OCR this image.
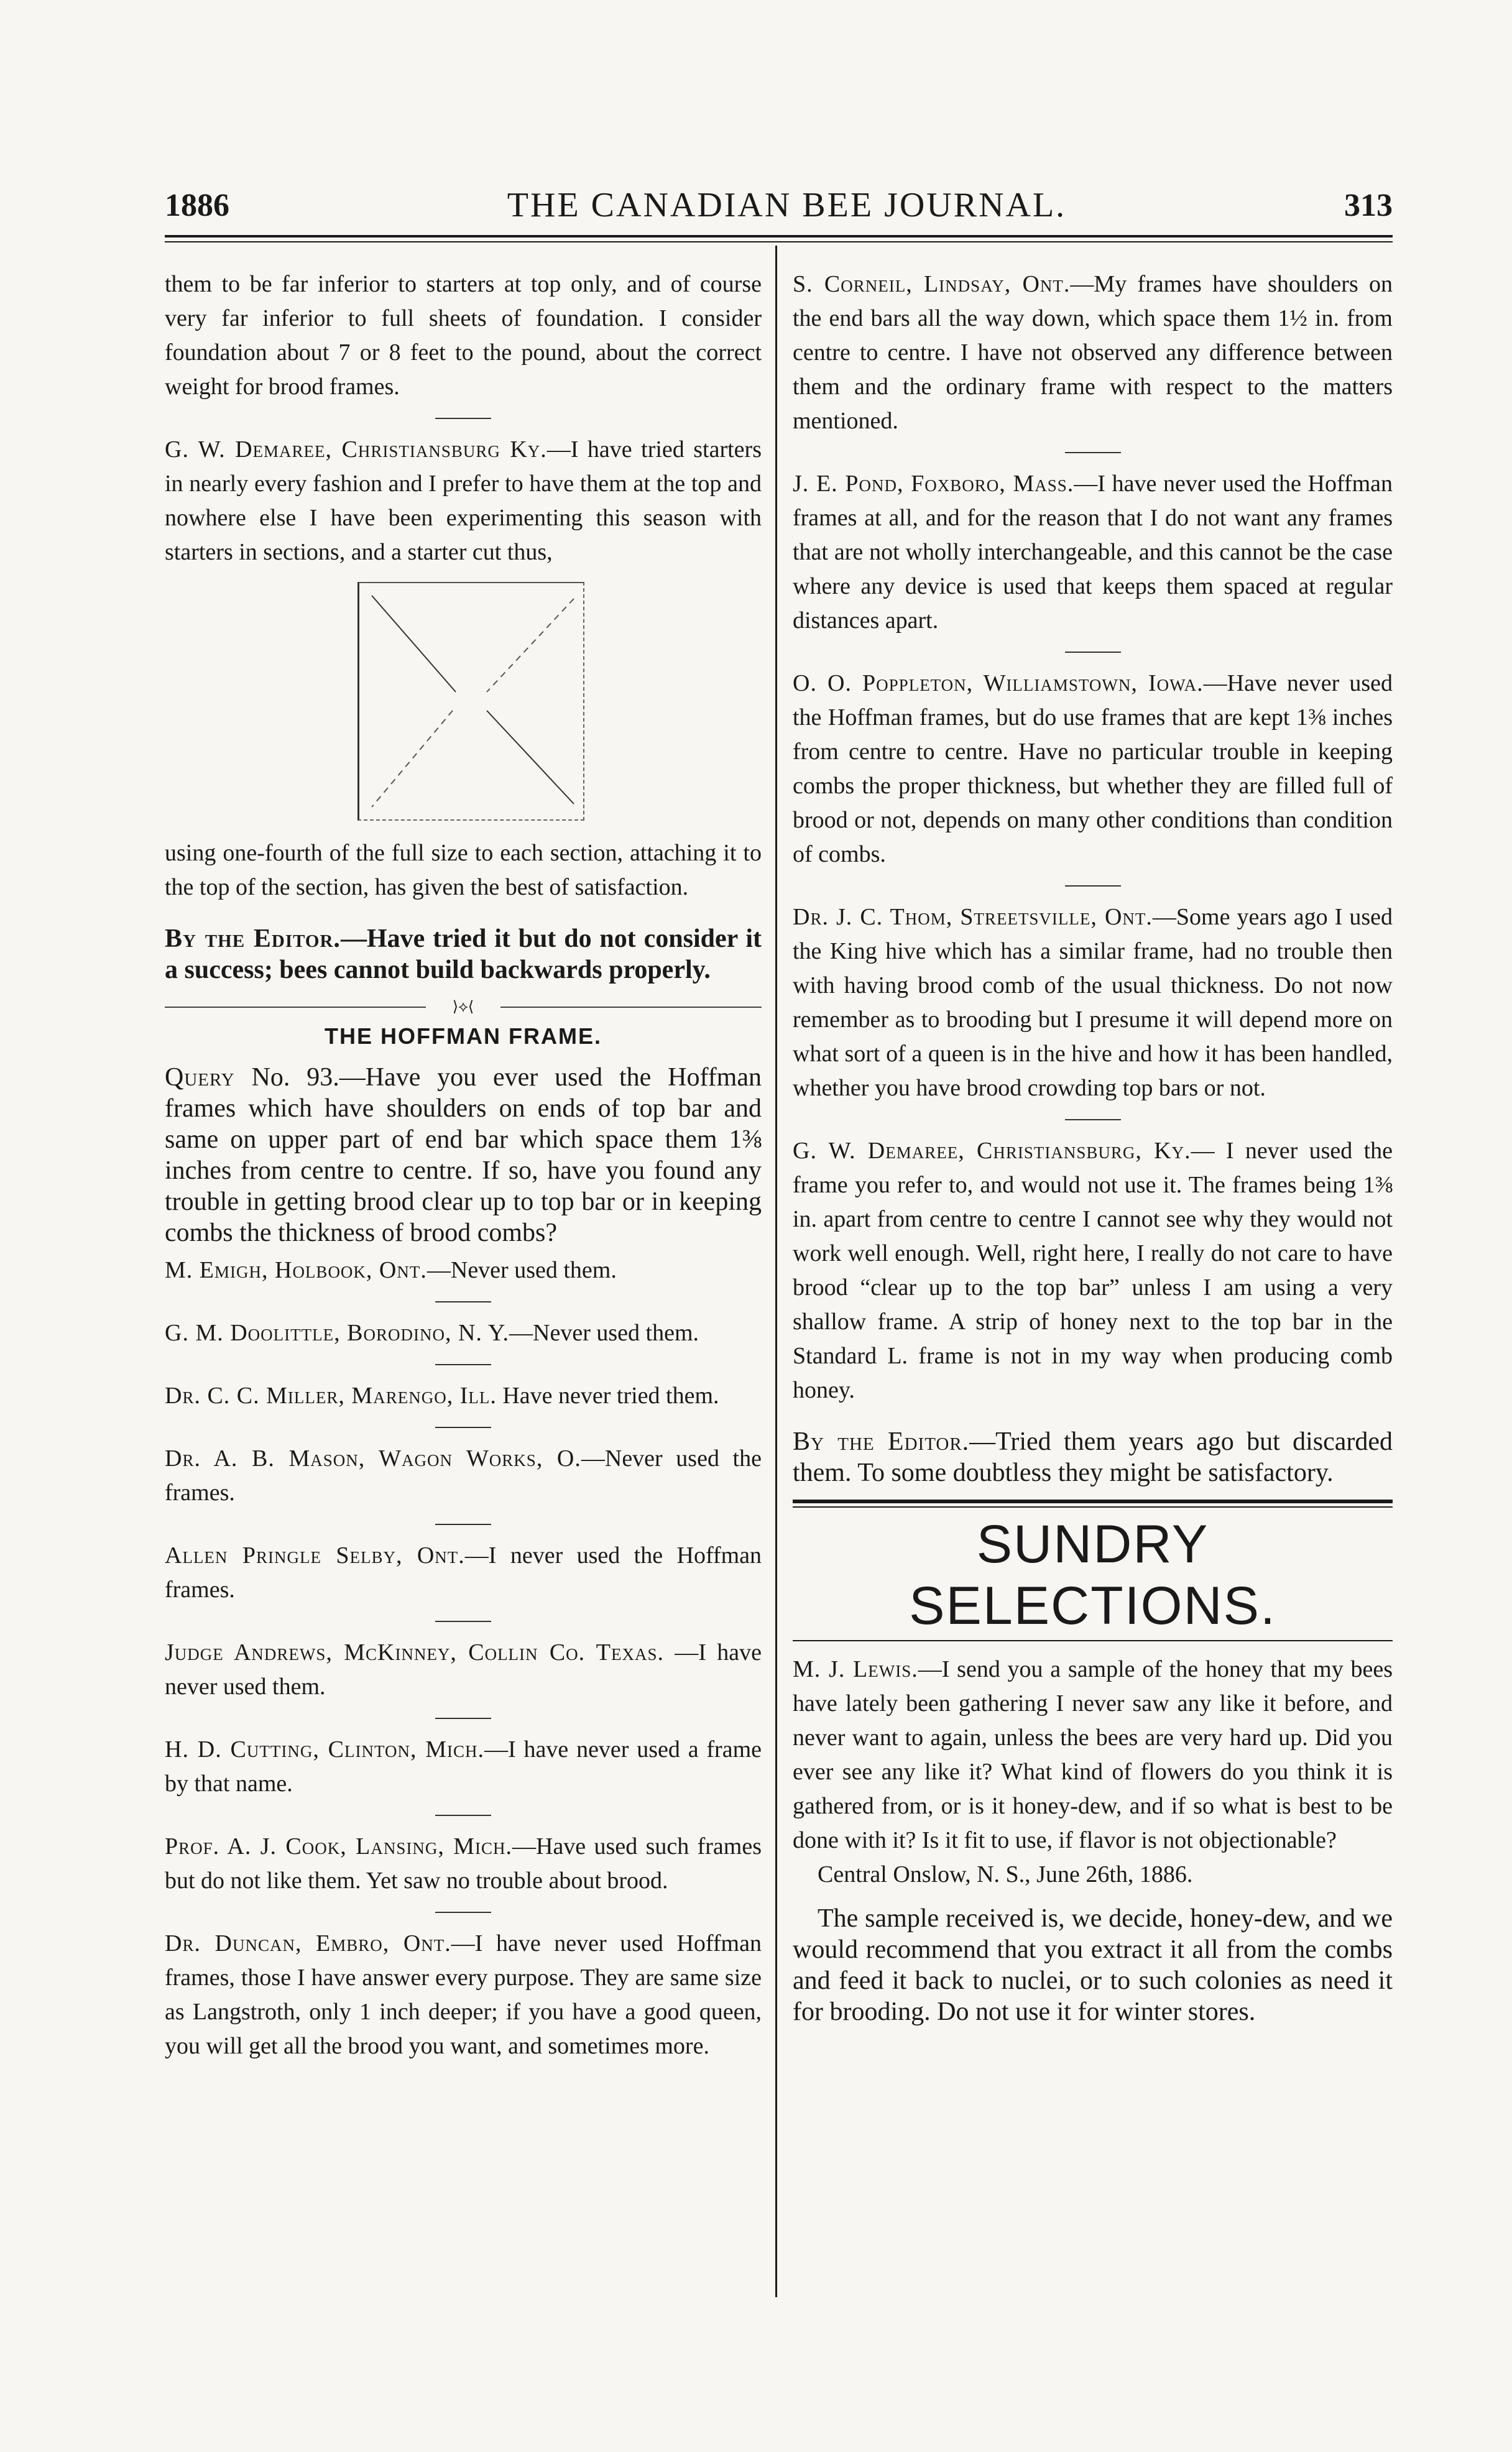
1886	THE CANADIAN BEE JOURNAL.	313

them to be far inferior to starters at top only, and of course very far inferior to full sheets of foundation. I consider foundation about 7 or 8 feet to the pound, about the correct weight for brood frames.

G. W. Demaree, Christiansburg Ky.—I have tried starters in nearly every fashion and I prefer to have them at the top and nowhere else I have been experimenting this season with starters in sections, and a starter cut thus,

using one-fourth of the full size to each section, attaching it to the top of the section, has given the best of satisfaction.

By the Editor.—Have tried it but do not consider it a success; bees cannot build backwards properly.

⟩⟡⟨
THE HOFFMAN FRAME.

Query No. 93.—Have you ever used the Hoffman frames which have shoulders on ends of top bar and same on upper part of end bar which space them 1⅜ inches from centre to centre. If so, have you found any trouble in getting brood clear up to top bar or in keeping combs the thickness of brood combs?

M. Emigh, Holbook, Ont.—Never used them.

G. M. Doolittle, Borodino, N. Y.—Never used them.

Dr. C. C. Miller, Marengo, Ill. Have never tried them.

Dr. A. B. Mason, Wagon Works, O.—Never used the frames.

Allen Pringle Selby, Ont.—I never used the Hoffman frames.

Judge Andrews, McKinney, Collin Co. Texas. —I have never used them.

H. D. Cutting, Clinton, Mich.—I have never used a frame by that name.

Prof. A. J. Cook, Lansing, Mich.—Have used such frames but do not like them. Yet saw no trouble about brood.

Dr. Duncan, Embro, Ont.—I have never used Hoffman frames, those I have answer every purpose. They are same size as Langstroth, only 1 inch deeper; if you have a good queen, you will get all the brood you want, and sometimes more.

S. Corneil, Lindsay, Ont.—My frames have shoulders on the end bars all the way down, which space them 1½ in. from centre to centre. I have not observed any difference between them and the ordinary frame with respect to the matters mentioned.

J. E. Pond, Foxboro, Mass.—I have never used the Hoffman frames at all, and for the reason that I do not want any frames that are not wholly interchangeable, and this cannot be the case where any device is used that keeps them spaced at regular distances apart.

O. O. Poppleton, Williamstown, Iowa.—Have never used the Hoffman frames, but do use frames that are kept 1⅜ inches from centre to centre. Have no particular trouble in keeping combs the proper thickness, but whether they are filled full of brood or not, depends on many other conditions than condition of combs.

Dr. J. C. Thom, Streetsville, Ont.—Some years ago I used the King hive which has a similar frame, had no trouble then with having brood comb of the usual thickness. Do not now remember as to brooding but I presume it will depend more on what sort of a queen is in the hive and how it has been handled, whether you have brood crowding top bars or not.

G. W. Demaree, Christiansburg, Ky.— I never used the frame you refer to, and would not use it. The frames being 1⅜ in. apart from centre to centre I cannot see why they would not work well enough. Well, right here, I really do not care to have brood “clear up to the top bar” unless I am using a very shallow frame. A strip of honey next to the top bar in the Standard L. frame is not in my way when producing comb honey.

By the Editor.—Tried them years ago but discarded them. To some doubtless they might be satisfactory.

SUNDRY SELECTIONS.

M. J. Lewis.—I send you a sample of the honey that my bees have lately been gathering I never saw any like it before, and never want to again, unless the bees are very hard up. Did you ever see any like it? What kind of flowers do you think it is gathered from, or is it honey-dew, and if so what is best to be done with it? Is it fit to use, if flavor is not objectionable?

Central Onslow, N. S., June 26th, 1886.

The sample received is, we decide, honey-dew, and we would recommend that you extract it all from the combs and feed it back to nuclei, or to such colonies as need it for brooding. Do not use it for winter stores.
